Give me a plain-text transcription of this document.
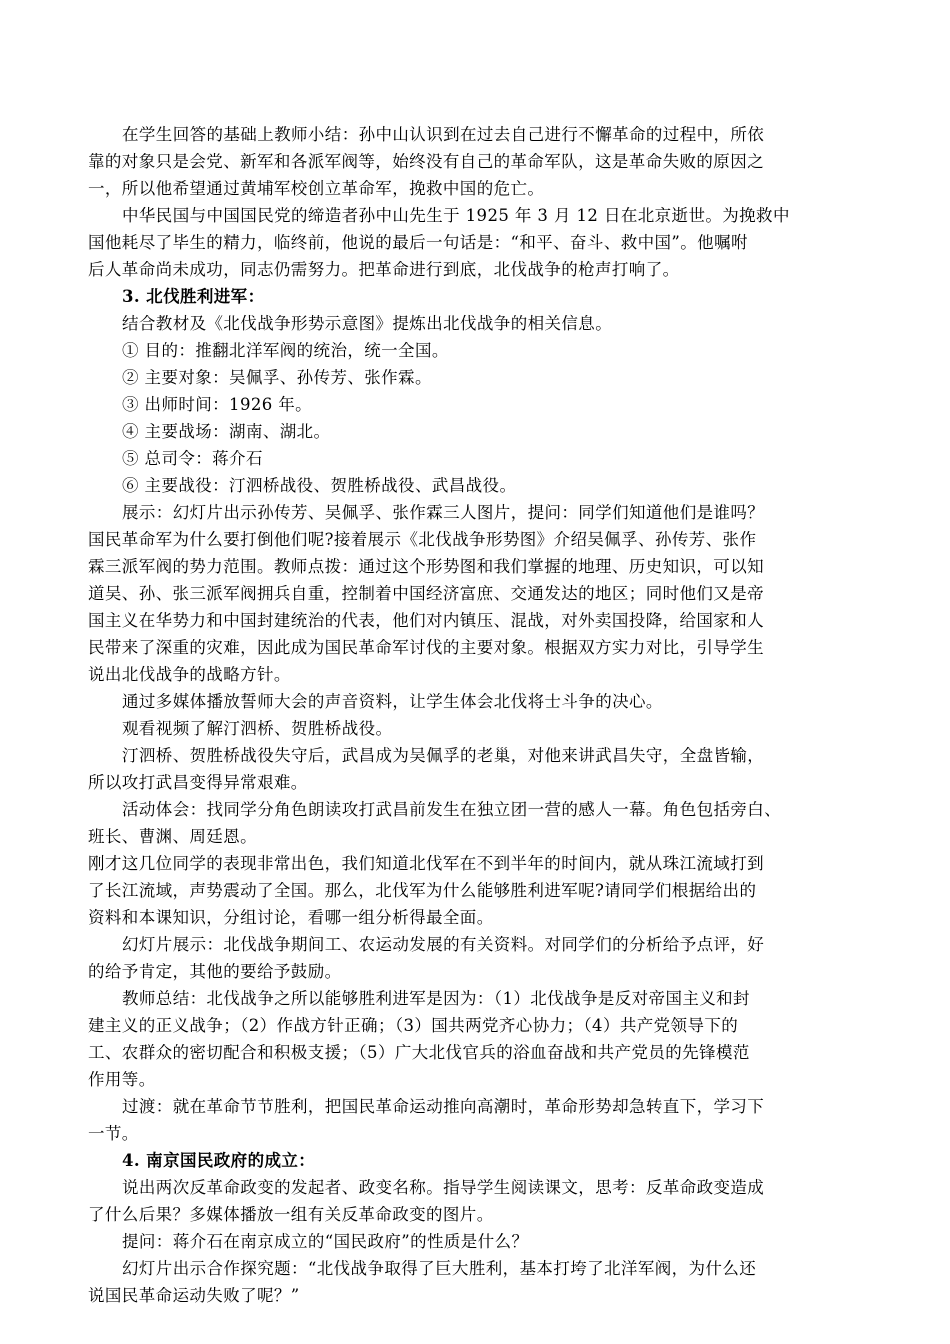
在学生回答的基础上教师小结：孙中山认识到在过去自己进行不懈革命的过程中，所依
靠的对象只是会党、新军和各派军阀等，始终没有自己的革命军队，这是革命失败的原因之
一，所以他希望通过黄埔军校创立革命军，挽救中国的危亡。
中华民国与中国国民党的缔造者孙中山先生于 1925 年 3 月 12 日在北京逝世。为挽救中
国他耗尽了毕生的精力，临终前，他说的最后一句话是：“和平、奋斗、救中国”。他嘱咐
后人革命尚未成功，同志仍需努力。把革命进行到底，北伐战争的枪声打响了。
3. 北伐胜利进军：
结合教材及《北伐战争形势示意图》提炼出北伐战争的相关信息。
① 目的：推翻北洋军阀的统治，统一全国。
② 主要对象：吴佩孚、孙传芳、张作霖。
③ 出师时间：1926 年。
④ 主要战场：湖南、湖北。
⑤ 总司令：蒋介石
⑥ 主要战役：汀泗桥战役、贺胜桥战役、武昌战役。
展示：幻灯片出示孙传芳、吴佩孚、张作霖三人图片，提问：同学们知道他们是谁吗？
国民革命军为什么要打倒他们呢?接着展示《北伐战争形势图》介绍吴佩孚、孙传芳、张作
霖三派军阀的势力范围。教师点拨：通过这个形势图和我们掌握的地理、历史知识，可以知
道吴、孙、张三派军阀拥兵自重，控制着中国经济富庶、交通发达的地区；同时他们又是帝
国主义在华势力和中国封建统治的代表，他们对内镇压、混战，对外卖国投降，给国家和人
民带来了深重的灾难，因此成为国民革命军讨伐的主要对象。根据双方实力对比，引导学生
说出北伐战争的战略方针。
通过多媒体播放誓师大会的声音资料，让学生体会北伐将士斗争的决心。
观看视频了解汀泗桥、贺胜桥战役。
汀泗桥、贺胜桥战役失守后，武昌成为吴佩孚的老巢，对他来讲武昌失守，全盘皆输，
所以攻打武昌变得异常艰难。
活动体会：找同学分角色朗读攻打武昌前发生在独立团一营的感人一幕。角色包括旁白、
班长、曹渊、周廷恩。
刚才这几位同学的表现非常出色，我们知道北伐军在不到半年的时间内，就从珠江流域打到
了长江流域，声势震动了全国。那么，北伐军为什么能够胜利进军呢?请同学们根据给出的
资料和本课知识，分组讨论，看哪一组分析得最全面。
幻灯片展示：北伐战争期间工、农运动发展的有关资料。对同学们的分析给予点评，好
的给予肯定，其他的要给予鼓励。
教师总结：北伐战争之所以能够胜利进军是因为：（1）北伐战争是反对帝国主义和封
建主义的正义战争；（2）作战方针正确；（3）国共两党齐心协力；（4）共产党领导下的
工、农群众的密切配合和积极支援；（5）广大北伐官兵的浴血奋战和共产党员的先锋模范
作用等。
过渡：就在革命节节胜利，把国民革命运动推向高潮时，革命形势却急转直下，学习下
一节。
4. 南京国民政府的成立：
说出两次反革命政变的发起者、政变名称。指导学生阅读课文，思考：反革命政变造成
了什么后果？多媒体播放一组有关反革命政变的图片。
提问：蒋介石在南京成立的“国民政府”的性质是什么？
幻灯片出示合作探究题：“北伐战争取得了巨大胜利，基本打垮了北洋军阀，为什么还
说国民革命运动失败了呢？”
